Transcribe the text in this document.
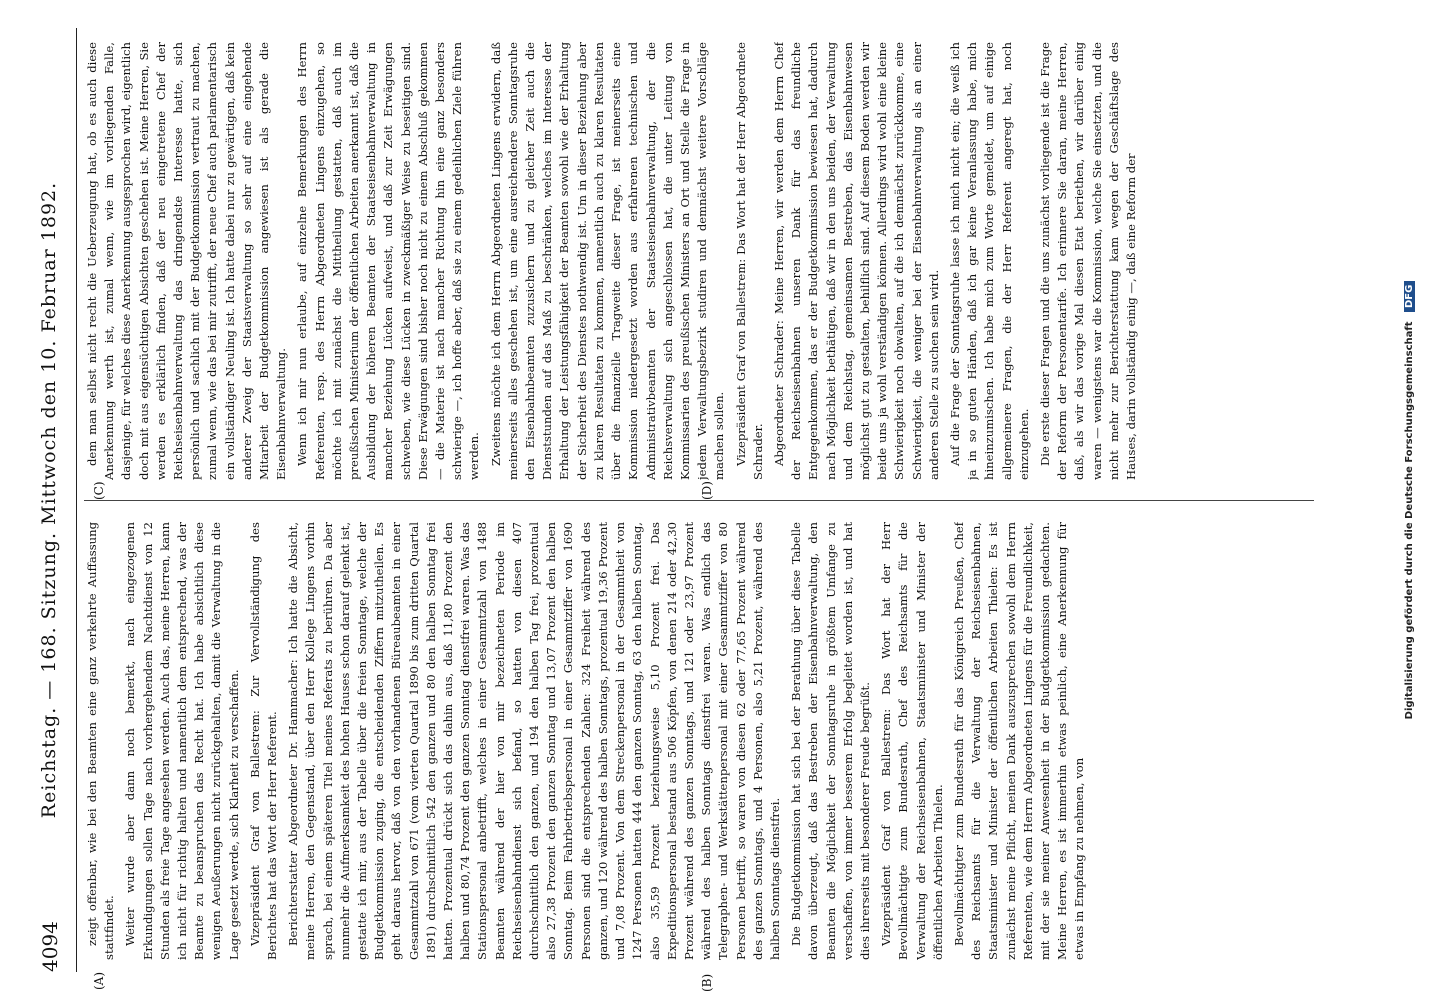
4094
Reichstag. — 168. Sitzung. Mittwoch den 10. Februar 1892.
(A)	(B)
(C)	(D)

zeigt offenbar, wie bei den Beamten eine ganz verkehrte Auffassung stattfindet. Weiter wurde aber dann noch bemerkt, nach eingezogenen Erkundigungen sollen Tage nach vorhergehendem Nachtdienst von 12 Stunden als freie Tage angesehen werden. Auch das, meine Herren, kann ich nicht für richtig halten und namentlich dem entsprechend, was der Beamte zu beanspruchen das Recht hat. Ich habe absichtlich diese wenigen Aeußerungen nicht zurückgehalten, damit die Verwaltung in die Lage gesetzt werde, sich Klarheit zu verschaffen. Vizepräsident Graf von Ballestrem: Zur Vervollständigung des Berichtes hat das Wort der Herr Referent. Berichterstatter Abgeordneter Dr. Hammacher: Ich hatte die Absicht, meine Herren, den Gegenstand, über den Herr Kollege Lingens vorhin sprach, bei einem späteren Titel meines Referats zu berühren. Da aber nunmehr die Aufmerksamkeit des hohen Hauses schon darauf gelenkt ist, gestatte ich mir, aus der Tabelle über die freien Sonntage, welche der Budgetkommission zuging, die entscheidenden Ziffern mitzutheilen. Es geht daraus hervor, daß von den vorhandenen Büreaubeamten in einer Gesammtzahl von 671 (vom vierten Quartal 1890 bis zum dritten Quartal 1891) durchschnittlich 542 den ganzen und 80 den halben Sonntag frei hatten. Prozentual drückt sich das dahin aus, daß 11,80 Prozent den halben und 80,74 Prozent den ganzen Sonntag dienstfrei waren. Was das Stationspersonal anbetrifft, welches in einer Gesammtzahl von 1488 Beamten während der hier von mir bezeichneten Periode im Reichseisenbahndienst sich befand, so hatten von diesen 407 durchschnittlich den ganzen, und 194 den halben Tag frei, prozentual also 27,38 Prozent den ganzen Sonntag und 13,07 Prozent den halben Sonntag. Beim Fahrbetriebspersonal in einer Gesammtziffer von 1690 Personen sind die entsprechenden Zahlen: 324 Freiheit während des ganzen, und 120 während des halben Sonntags, prozentual 19,36 Prozent und 7,08 Prozent. Von dem Streckenpersonal in der Gesammtheit von 1247 Personen hatten 444 den ganzen Sonntag, 63 den halben Sonntag, also 35,59 Prozent beziehungsweise 5,10 Prozent frei. Das Expeditionspersonal bestand aus 506 Köpfen, von denen 214 oder 42,30 Prozent während des ganzen Sonntags, und 121 oder 23,97 Prozent während des halben Sonntags dienstfrei waren. Was endlich das Telegraphen- und Werkstättenpersonal mit einer Gesammtziffer von 80 Personen betrifft, so waren von diesen 62 oder 77,65 Prozent während des ganzen Sonntags, und 4 Personen, also 5,21 Prozent, während des halben Sonntags dienstfrei. Die Budgetkommission hat sich bei der Berathung über diese Tabelle davon überzeugt, daß das Bestreben der Eisenbahnverwaltung, den Beamten die Möglichkeit der Sonntagsruhe in größtem Umfange zu verschaffen, von immer besserem Erfolg begleitet worden ist, und hat dies ihrerseits mit besonderer Freude begrüßt. Vizepräsident Graf von Ballestrem: Das Wort hat der Herr Bevollmächtigte zum Bundesrath, Chef des Reichsamts für die Verwaltung der Reichseisenbahnen, Staatsminister und Minister der öffentlichen Arbeiten Thielen. Bevollmächtigter zum Bundesrath für das Königreich Preußen, Chef des Reichsamts für die Verwaltung der Reichseisenbahnen, Staatsminister und Minister der öffentlichen Arbeiten Thielen: Es ist zunächst meine Pflicht, meinen Dank auszusprechen sowohl dem Herrn Referenten, wie dem Herrn Abgeordneten Lingens für die Freundlichkeit, mit der sie meiner Anwesenheit in der Budgetkommission gedachten. Meine Herren, es ist immerhin etwas peinlich, eine Anerkennung für etwas in Empfang zu nehmen, von

dem man selbst nicht recht die Ueberzeugung hat, ob es auch diese Anerkennung werth ist, zumal wenn, wie im vorliegenden Falle, dasjenige, für welches diese Anerkennung ausgesprochen wird, eigentlich doch mit aus eigensüchtigen Absichten geschehen ist. Meine Herren, Sie werden es erklärlich finden, daß der neu eingetretene Chef der Reichseisenbahnverwaltung das dringendste Interesse hatte, sich persönlich und sachlich mit der Budgetkommission vertraut zu machen, zumal wenn, wie das bei mir zutrifft, der neue Chef auch parlamentarisch ein vollständiger Neuling ist. Ich hatte dabei nur zu gewärtigen, daß kein anderer Zweig der Staatsverwaltung so sehr auf eine eingehende Mitarbeit der Budgetkommission angewiesen ist als gerade die Eisenbahnverwaltung. Wenn ich mir nun erlaube, auf einzelne Bemerkungen des Herrn Referenten, resp. des Herrn Abgeordneten Lingens einzugehen, so möchte ich mit zunächst die Mittheilung gestatten, daß auch im preußischen Ministerium der öffentlichen Arbeiten anerkannt ist, daß die Ausbildung der höheren Beamten der Staatseisenbahnverwaltung in mancher Beziehung Lücken aufweist, und daß zur Zeit Erwägungen schweben, wie diese Lücken in zweckmäßiger Weise zu beseitigen sind. Diese Erwägungen sind bisher noch nicht zu einem Abschluß gekommen — die Materie ist nach mancher Richtung hin eine ganz besonders schwierige —, ich hoffe aber, daß sie zu einem gedeihlichen Ziele führen werden. Zweitens möchte ich dem Herrn Abgeordneten Lingens erwidern, daß meinerseits alles geschehen ist, um eine ausreichendere Sonntagsruhe den Eisenbahnbeamten zuzusichern und zu gleicher Zeit auch die Dienststunden auf das Maß zu beschränken, welches im Interesse der Erhaltung der Leistungsfähigkeit der Beamten sowohl wie der Erhaltung der Sicherheit des Dienstes nothwendig ist. Um in dieser Beziehung aber zu klaren Resultaten zu kommen, namentlich auch zu klaren Resultaten über die finanzielle Tragweite dieser Frage, ist meinerseits eine Kommission niedergesetzt worden aus erfahrenen technischen und Administrativbeamten der Staatseisenbahnverwaltung, der die Reichsverwaltung sich angeschlossen hat, die unter Leitung von Kommissarien des preußischen Ministers an Ort und Stelle die Frage in jedem Verwaltungsbezirk studiren und demnächst weitere Vorschläge machen sollen. Vizepräsident Graf von Ballestrem: Das Wort hat der Herr Abgeordnete Schrader. Abgeordneter Schrader: Meine Herren, wir werden dem Herrn Chef der Reichseisenbahnen unseren Dank für das freundliche Entgegenkommen, das er der Budgetkommission bewiesen hat, dadurch nach Möglichkeit bethätigen, daß wir in den uns beiden, der Verwaltung und dem Reichstag, gemeinsamen Bestreben, das Eisenbahnwesen möglichst gut zu gestalten, behilflich sind. Auf diesem Boden werden wir beide uns ja wohl verständigen können. Allerdings wird wohl eine kleine Schwierigkeit noch obwalten, auf die ich demnächst zurückkomme, eine Schwierigkeit, die weniger bei der Eisenbahnverwaltung als an einer anderen Stelle zu suchen sein wird. Auf die Frage der Sonntagsruhe lasse ich mich nicht ein; die weiß ich ja in so guten Händen, daß ich gar keine Veranlassung habe, mich hineinzumischen. Ich habe mich zum Worte gemeldet, um auf einige allgemeinere Fragen, die der Herr Referent angeregt hat, noch einzugehen. Die erste dieser Fragen und die uns zunächst vorliegende ist die Frage der Reform der Personentarife. Ich erinnere Sie daran, meine Herren, daß, als wir das vorige Mal diesen Etat beriethen, wir darüber einig waren — wenigstens war die Kommission, welche Sie einsetzten, und die nicht mehr zur Berichterstattung kam wegen der Geschäftslage des Hauses, darin vollständig einig —, daß eine Reform der

Digitalisierung gefördert durch die Deutsche Forschungsgemeinschaft DFG
